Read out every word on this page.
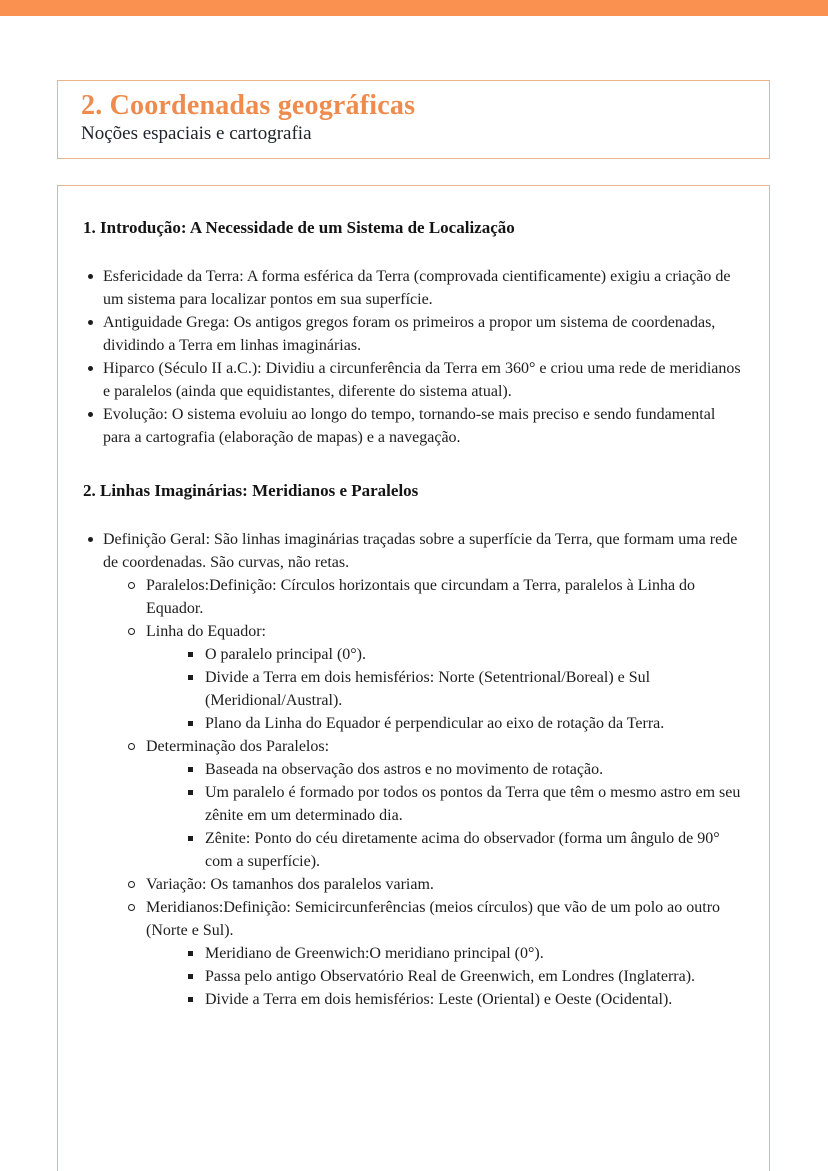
2. Coordenadas geográficas
Noções espaciais e cartografia
1. Introdução: A Necessidade de um Sistema de Localização
Esfericidade da Terra: A forma esférica da Terra (comprovada cientificamente) exigiu a criação de um sistema para localizar pontos em sua superfície.
Antiguidade Grega: Os antigos gregos foram os primeiros a propor um sistema de coordenadas, dividindo a Terra em linhas imaginárias.
Hiparco (Século II a.C.): Dividiu a circunferência da Terra em 360° e criou uma rede de meridianos e paralelos (ainda que equidistantes, diferente do sistema atual).
Evolução: O sistema evoluiu ao longo do tempo, tornando-se mais preciso e sendo fundamental para a cartografia (elaboração de mapas) e a navegação.
2. Linhas Imaginárias: Meridianos e Paralelos
Definição Geral: São linhas imaginárias traçadas sobre a superfície da Terra, que formam uma rede de coordenadas. São curvas, não retas.
Paralelos:Definição: Círculos horizontais que circundam a Terra, paralelos à Linha do Equador.
Linha do Equador:
O paralelo principal (0°).
Divide a Terra em dois hemisférios: Norte (Setentrional/Boreal) e Sul (Meridional/Austral).
Plano da Linha do Equador é perpendicular ao eixo de rotação da Terra.
Determinação dos Paralelos:
Baseada na observação dos astros e no movimento de rotação.
Um paralelo é formado por todos os pontos da Terra que têm o mesmo astro em seu zênite em um determinado dia.
Zênite: Ponto do céu diretamente acima do observador (forma um ângulo de 90° com a superfície).
Variação: Os tamanhos dos paralelos variam.
Meridianos:Definição: Semicircunferências (meios círculos) que vão de um polo ao outro (Norte e Sul).
Meridiano de Greenwich:O meridiano principal (0°).
Passa pelo antigo Observatório Real de Greenwich, em Londres (Inglaterra).
Divide a Terra em dois hemisférios: Leste (Oriental) e Oeste (Ocidental).
